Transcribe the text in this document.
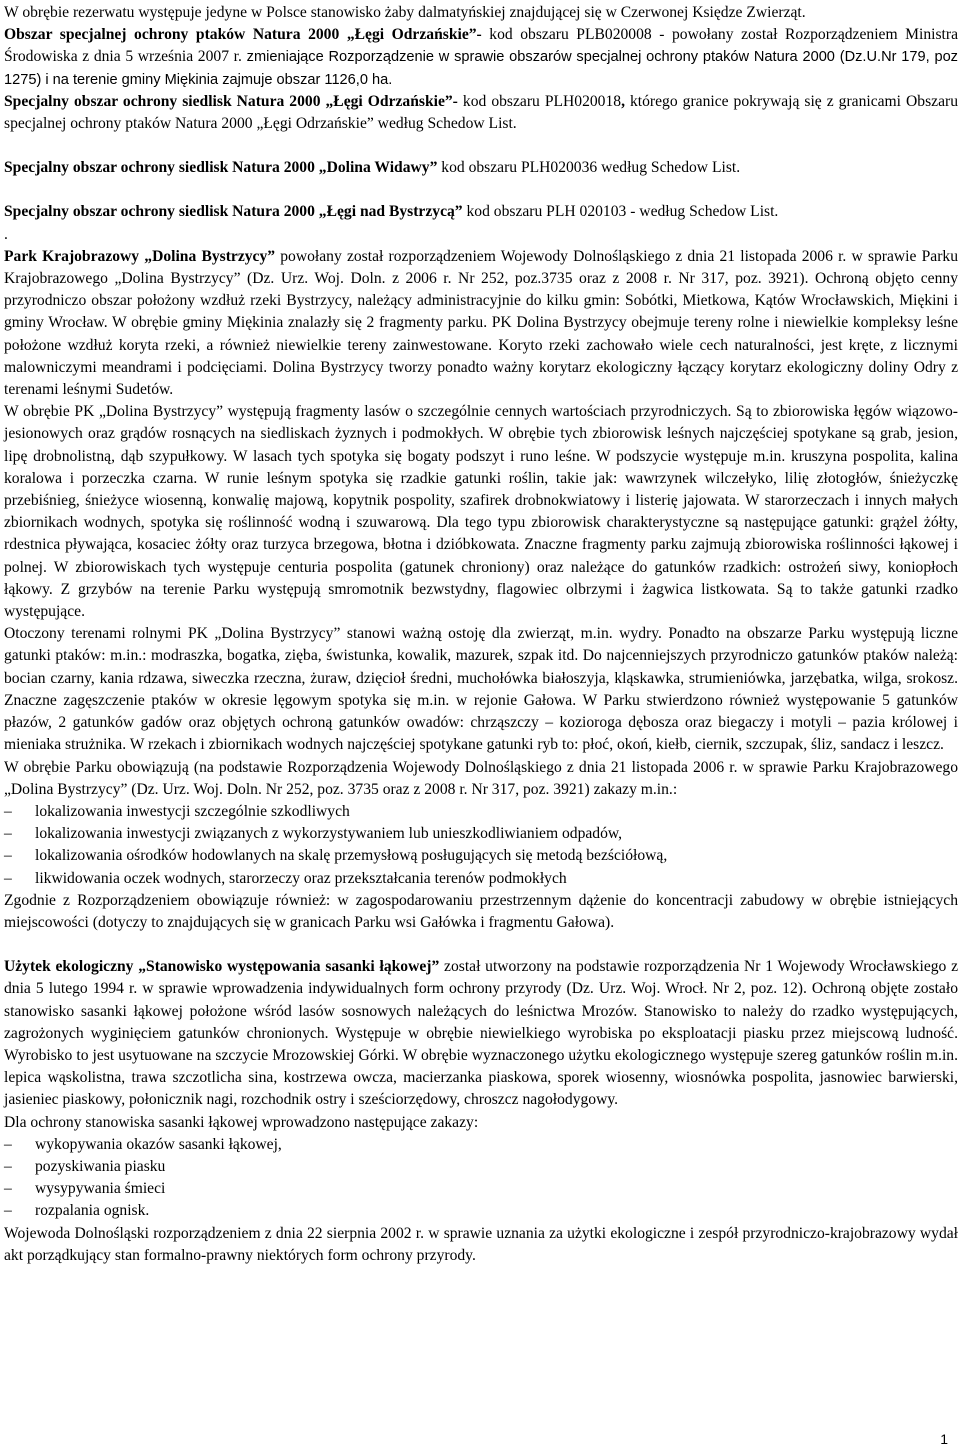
W obrębie rezerwatu występuje jedyne w Polsce stanowisko żaby dalmatyńskiej znajdującej się w Czerwonej Księdze Zwierząt.

Obszar specjalnej ochrony ptaków Natura 2000 „Łęgi Odrzańskie”- kod obszaru PLB020008 - powołany został Rozporządzeniem Ministra Środowiska z dnia 5 września 2007 r. zmieniające Rozporządzenie w sprawie obszarów specjalnej ochrony ptaków Natura 2000 (Dz.U.Nr 179, poz 1275) i na terenie gminy Miękinia zajmuje obszar 1126,0 ha.

Specjalny obszar ochrony siedlisk Natura 2000 „Łęgi Odrzańskie”- kod obszaru PLH020018, którego granice pokrywają się z granicami Obszaru specjalnej ochrony ptaków Natura 2000 „Łęgi Odrzańskie” według Schedow List.

Specjalny obszar ochrony siedlisk Natura 2000 „Dolina Widawy” kod obszaru PLH020036 według Schedow List.

Specjalny obszar ochrony siedlisk Natura 2000 „Łęgi nad Bystrzycą” kod obszaru PLH 020103 - według Schedow List.

.

Park Krajobrazowy „Dolina Bystrzycy” powołany został rozporządzeniem Wojewody Dolnośląskiego z dnia 21 listopada 2006 r. w sprawie Parku Krajobrazowego „Dolina Bystrzycy” (Dz. Urz. Woj. Doln. z 2006 r. Nr 252, poz.3735 oraz z 2008 r. Nr 317, poz. 3921). Ochroną objęto cenny przyrodniczo obszar położony wzdłuż rzeki Bystrzycy, należący administracyjnie do kilku gmin: Sobótki, Mietkowa, Kątów Wrocławskich, Miękini i gminy Wrocław. W obrębie gminy Miękinia znalazły się 2 fragmenty parku. PK Dolina Bystrzycy obejmuje tereny rolne i niewielkie kompleksy leśne położone wzdłuż koryta rzeki, a również niewielkie tereny zainwestowane. Koryto rzeki zachowało wiele cech naturalności, jest kręte, z licznymi malowniczymi meandrami i podcięciami. Dolina Bystrzycy tworzy ponadto ważny korytarz ekologiczny łączący korytarz ekologiczny doliny Odry z terenami leśnymi Sudetów.

W obrębie PK „Dolina Bystrzycy” występują fragmenty lasów o szczególnie cennych wartościach przyrodniczych. Są to zbiorowiska łęgów wiązowo-jesionowych oraz grądów rosnących na siedliskach żyznych i podmokłych. W obrębie tych zbiorowisk leśnych najczęściej spotykane są grab, jesion, lipę drobnolistną, dąb szypułkowy. W lasach tych spotyka się bogaty podszyt i runo leśne. W podszycie występuje m.in. kruszyna pospolita, kalina koralowa i porzeczka czarna. W runie leśnym spotyka się rzadkie gatunki roślin, takie jak: wawrzynek wilczełyko, lilię złotogłów, śnieżyczkę przebiśnieg, śnieżyce wiosenną, konwalię majową, kopytnik pospolity, szafirek drobnokwiatowy i listerię jajowata. W starorzeczach i innych małych zbiornikach wodnych, spotyka się roślinność wodną i szuwarową. Dla tego typu zbiorowisk charakterystyczne są następujące gatunki: grążel żółty, rdestnica pływająca, kosaciec żółty oraz turzyca brzegowa, błotna i dzióbkowata. Znaczne fragmenty parku zajmują zbiorowiska roślinności łąkowej i polnej. W zbiorowiskach tych występuje centuria pospolita (gatunek chroniony) oraz należące do gatunków rzadkich: ostrożeń siwy, koniopłoch łąkowy. Z grzybów na terenie Parku występują smromotnik bezwstydny, flagowiec olbrzymi i żagwica listkowata. Są to także gatunki rzadko występujące.

Otoczony terenami rolnymi PK „Dolina Bystrzycy” stanowi ważną ostoję dla zwierząt, m.in. wydry. Ponadto na obszarze Parku występują liczne gatunki ptaków: m.in.: modraszka, bogatka, zięba, świstunka, kowalik, mazurek, szpak itd. Do najcenniejszych przyrodniczo gatunków ptaków należą: bocian czarny, kania rdzawa, siweczka rzeczna, żuraw, dzięcioł średni, muchołówka białoszyja, kląskawka, strumieniówka, jarzębatka, wilga, srokosz. Znaczne zagęszczenie ptaków w okresie lęgowym spotyka się m.in. w rejonie Gałowa. W Parku stwierdzono również występowanie 5 gatunków płazów, 2 gatunków gadów oraz objętych ochroną gatunków owadów: chrząszczy – kozioroga dębosza oraz biegaczy i motyli – pazia królowej i mieniaka strużnika. W rzekach i zbiornikach wodnych najczęściej spotykane gatunki ryb to: płoć, okoń, kiełb, ciernik, szczupak, śliz, sandacz i leszcz.

W obrębie Parku obowiązują (na podstawie Rozporządzenia Wojewody Dolnośląskiego z dnia 21 listopada 2006 r. w sprawie Parku Krajobrazowego „Dolina Bystrzycy” (Dz. Urz. Woj. Doln. Nr 252, poz. 3735 oraz z 2008 r. Nr 317, poz. 3921) zakazy m.in.:

– lokalizowania inwestycji szczególnie szkodliwych
– lokalizowania inwestycji związanych z wykorzystywaniem lub unieszkodliwianiem odpadów,
– lokalizowania ośrodków hodowlanych na skalę przemysłową posługujących się metodą bezściółową,
– likwidowania oczek wodnych, starorzeczy oraz przekształcania terenów podmokłych

Zgodnie z Rozporządzeniem obowiązuje również: w zagospodarowaniu przestrzennym dążenie do koncentracji zabudowy w obrębie istniejących miejscowości (dotyczy to znajdujących się w granicach Parku wsi Gałówka i fragmentu Gałowa).

Użytek ekologiczny „Stanowisko występowania sasanki łąkowej” został utworzony na podstawie rozporządzenia Nr 1 Wojewody Wrocławskiego z dnia 5 lutego 1994 r. w sprawie wprowadzenia indywidualnych form ochrony przyrody (Dz. Urz. Woj. Wrocł. Nr 2, poz. 12). Ochroną objęte zostało stanowisko sasanki łąkowej położone wśród lasów sosnowych należących do leśnictwa Mrozów. Stanowisko to należy do rzadko występujących, zagrożonych wyginięciem gatunków chronionych. Występuje w obrębie niewielkiego wyrobiska po eksploatacji piasku przez miejscową ludność. Wyrobisko to jest usytuowane na szczycie Mrozowskiej Górki. W obrębie wyznaczonego użytku ekologicznego występuje szereg gatunków roślin m.in. lepica wąskolistna, trawa szczotlicha sina, kostrzewa owcza, macierzanka piaskowa, sporek wiosenny, wiosnówka pospolita, jasnowiec barwierski, jasieniec piaskowy, połonicznik nagi, rozchodnik ostry i sześciorzędowy, chroszcz nagołodygowy.

Dla ochrony stanowiska sasanki łąkowej wprowadzono następujące zakazy:

– wykopywania okazów sasanki łąkowej,
– pozyskiwania piasku
– wysypywania śmieci
– rozpalania ognisk.

Wojewoda Dolnośląski rozporządzeniem z dnia 22 sierpnia 2002 r. w sprawie uznania za użytki ekologiczne i zespół przyrodniczo-krajobrazowy wydał akt porządkujący stan formalno-prawny niektórych form ochrony przyrody.

1
